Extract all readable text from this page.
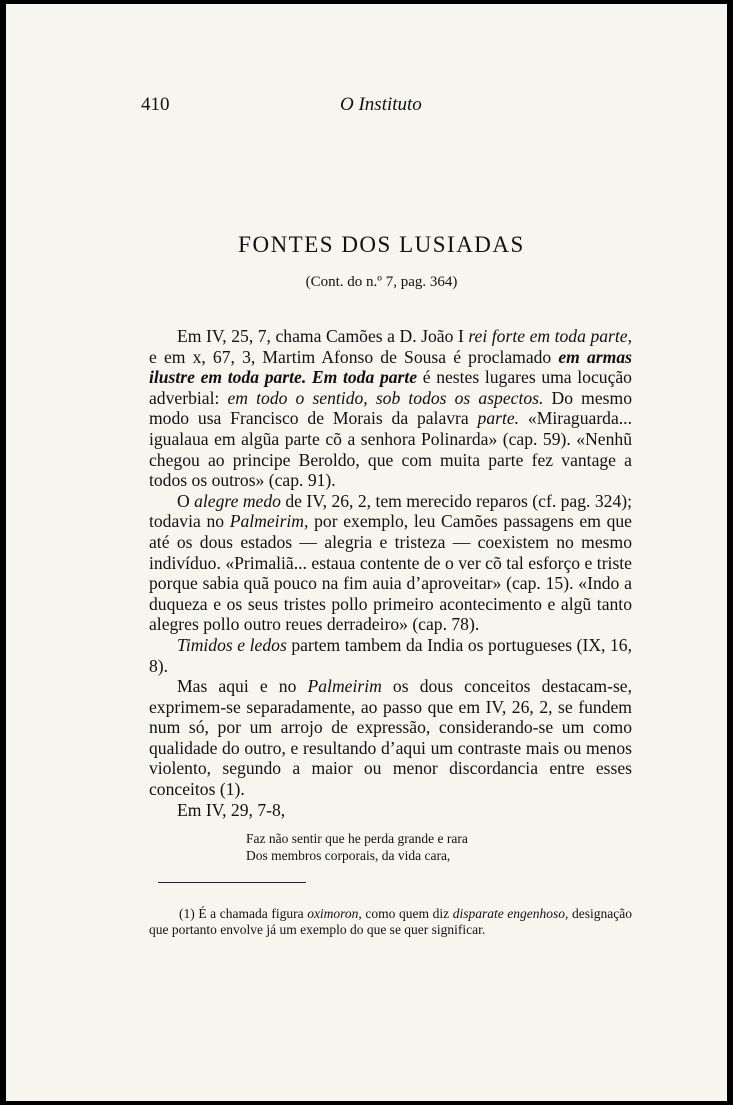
410	O Instituto
FONTES DOS LUSIADAS
(Cont. do n.º 7, pag. 364)

Em IV, 25, 7, chama Camões a D. João I rei forte em toda parte, e em x, 67, 3, Martim Afonso de Sousa é proclamado em armas ilustre em toda parte. Em toda parte é nestes lugares uma locução adverbial: em todo o sentido, sob todos os aspectos. Do mesmo modo usa Francisco de Morais da palavra parte. «Miraguarda... igualaua em algũa parte cõ a senhora Polinarda» (cap. 59). «Nenhũ chegou ao principe Beroldo, que com muita parte fez vantage a todos os outros» (cap. 91).

O alegre medo de IV, 26, 2, tem merecido reparos (cf. pag. 324); todavia no Palmeirim, por exemplo, leu Camões passagens em que até os dous estados — alegria e tristeza — coexistem no mesmo indivíduo. «Primaliã... estaua contente de o ver cõ tal esforço e triste porque sabia quã pouco na fim auia d’aproveitar» (cap. 15). «Indo a duqueza e os seus tristes pollo primeiro acontecimento e algũ tanto alegres pollo outro reues derradeiro» (cap. 78).

Timidos e ledos partem tambem da India os portugueses (IX, 16, 8).

Mas aqui e no Palmeirim os dous conceitos destacam-se, exprimem-se separadamente, ao passo que em IV, 26, 2, se fundem num só, por um arrojo de expressão, considerando-se um como qualidade do outro, e resultando d’aqui um contraste mais ou menos violento, segundo a maior ou menor discordancia entre esses conceitos (1).

Em IV, 29, 7-8,

Faz não sentir que he perda grande e rara
Dos membros corporais, da vida cara,

(1) É a chamada figura oximoron, como quem diz disparate engenhoso, designação que portanto envolve já um exemplo do que se quer significar.
